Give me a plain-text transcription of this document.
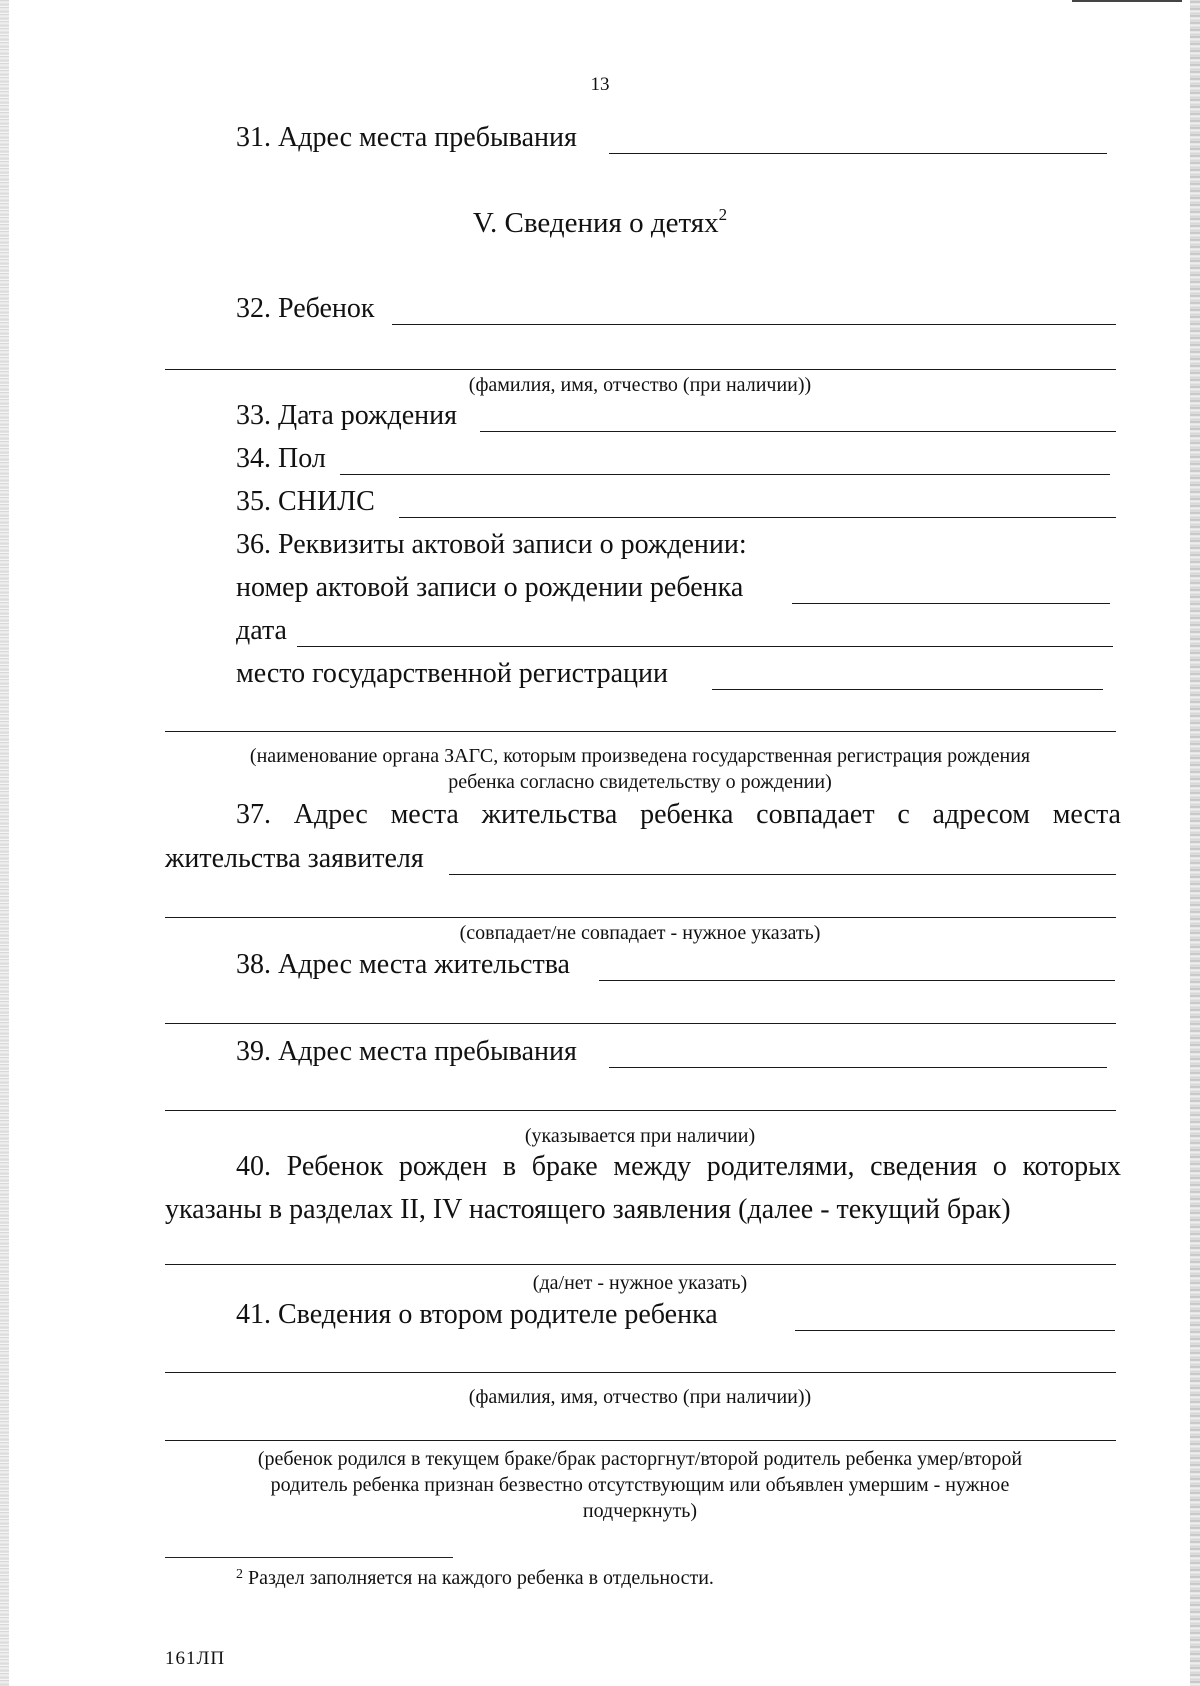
13
31. Адрес места пребывания
V. Сведения о детях$^2$
32. Ребенок
(фамилия, имя, отчество (при наличии))
33. Дата рождения
34. Пол
35. СНИЛС
36. Реквизиты актовой записи о рождении:
номер актовой записи о рождении ребенка
дата
место государственной регистрации
(наименование органа ЗАГС, которым произведена государственная регистрация рождения
ребенка согласно свидетельству о рождении)
37. Адрес места жительства ребенка совпадает с адресом места
жительства заявителя
(совпадает/не совпадает - нужное указать)
38. Адрес места жительства
39. Адрес места пребывания
(указывается при наличии)
40. Ребенок рожден в браке между родителями, сведения о которых
указаны в разделах II, IV настоящего заявления (далее - текущий брак)
(да/нет - нужное указать)
41. Сведения о втором родителе ребенка
(фамилия, имя, отчество (при наличии))
(ребенок родился в текущем браке/брак расторгнут/второй родитель ребенка умер/второй
родитель ребенка признан безвестно отсутствующим или объявлен умершим - нужное
подчеркнуть)
$^2$ Раздел заполняется на каждого ребенка в отдельности.
161ЛП
